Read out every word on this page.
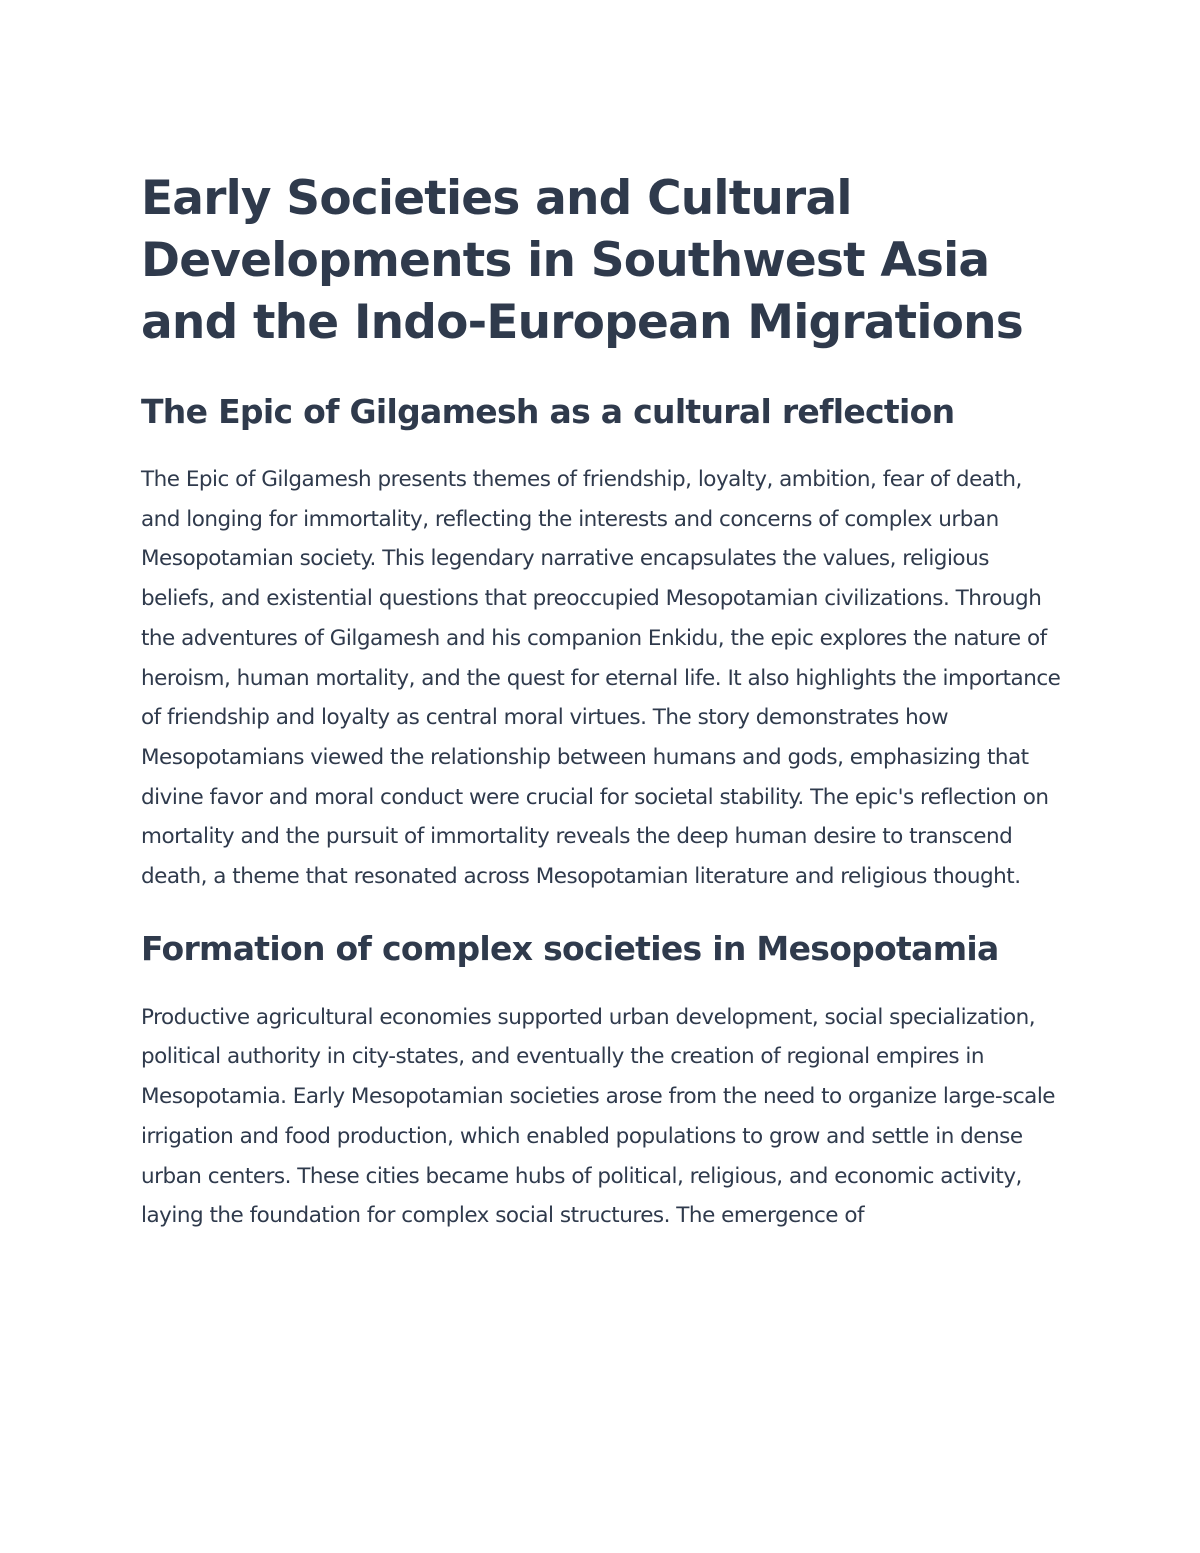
Early Societies and Cultural Developments in Southwest Asia and the Indo-European Migrations
The Epic of Gilgamesh as a cultural reflection

The Epic of Gilgamesh presents themes of friendship, loyalty, ambition, fear of death, and longing for immortality, reflecting the interests and concerns of complex urban Mesopotamian society. This legendary narrative encapsulates the values, religious beliefs, and existential questions that preoccupied Mesopotamian civilizations. Through the adventures of Gilgamesh and his companion Enkidu, the epic explores the nature of heroism, human mortality, and the quest for eternal life. It also highlights the importance of friendship and loyalty as central moral virtues. The story demonstrates how Mesopotamians viewed the relationship between humans and gods, emphasizing that divine favor and moral conduct were crucial for societal stability. The epic's reflection on mortality and the pursuit of immortality reveals the deep human desire to transcend death, a theme that resonated across Mesopotamian literature and religious thought.

Formation of complex societies in Mesopotamia

Productive agricultural economies supported urban development, social specialization, political authority in city-states, and eventually the creation of regional empires in Mesopotamia. Early Mesopotamian societies arose from the need to organize large-scale irrigation and food production, which enabled populations to grow and settle in dense urban centers. These cities became hubs of political, religious, and economic activity, laying the foundation for complex social structures. The emergence of
